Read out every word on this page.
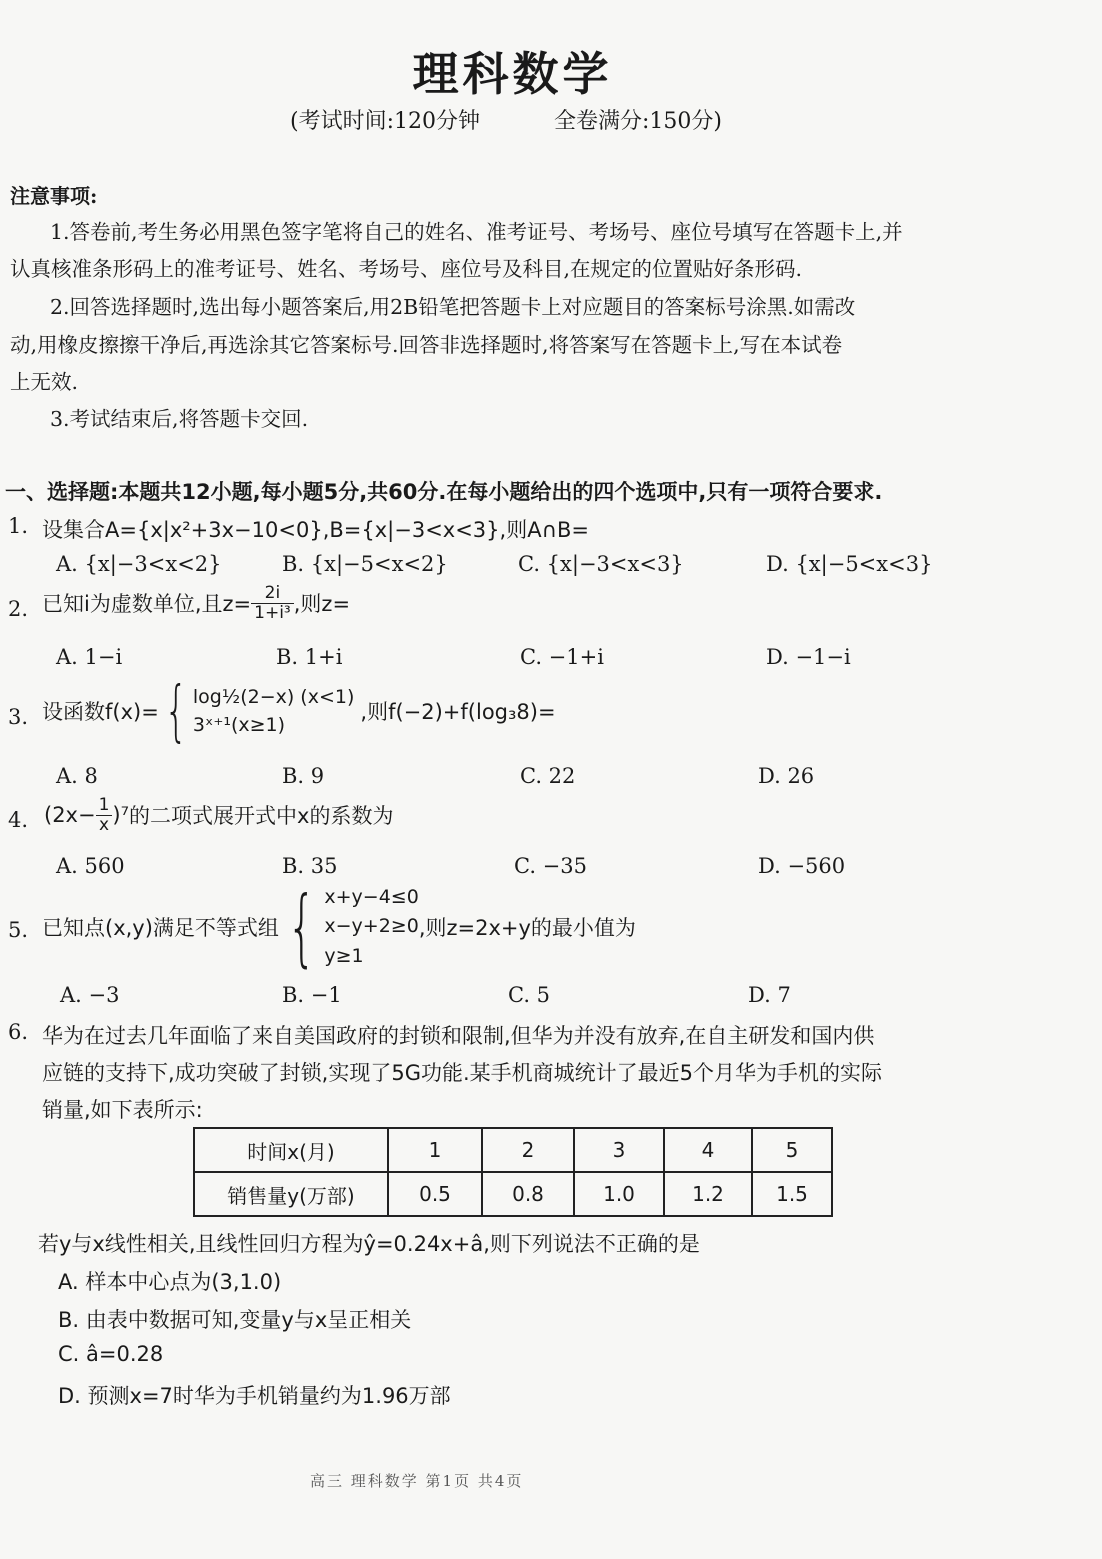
理科数学
(考试时间:120分钟	全卷满分:150分)
注意事项:
1.答卷前,考生务必用黑色签字笔将自己的姓名、准考证号、考场号、座位号填写在答题卡上,并
认真核准条形码上的准考证号、姓名、考场号、座位号及科目,在规定的位置贴好条形码.
2.回答选择题时,选出每小题答案后,用2B铅笔把答题卡上对应题目的答案标号涂黑.如需改
动,用橡皮擦擦干净后,再选涂其它答案标号.回答非选择题时,将答案写在答题卡上,写在本试卷
上无效.
3.考试结束后,将答题卡交回.
一、选择题:本题共12小题,每小题5分,共60分.在每小题给出的四个选项中,只有一项符合要求.
1. 设集合A={x|x²+3x−10<0},B={x|−3<x<3},则A∩B=
A. {x|−3<x<2}	B. {x|−5<x<2}	C. {x|−3<x<3}	D. {x|−5<x<3}
2. 已知i为虚数单位,且$z= \frac{2i}{\text{1+i³}}$ ,则z=
A. 1−i	B. 1+i	C. −1+i	D. −1−i
3. 设函数f(x)= { log½(2−x) (x<1)
3ˣ⁺¹(x≥1)
,则f(−2)+f(log₃8)=
A. 8	B. 9	C. 22	D. 26
4. $(2x- \frac{1}{x} )^7$ 的二项式展开式中x的系数为
A. 560	B. 35	C. −35	D. −560
5. 已知点(x,y)满足不等式组 { x+y−4≤0
x−y+2≥0
y≥1
,则z=2x+y的最小值为
A. −3	B. −1	C. 5	D. 7
6. 华为在过去几年面临了来自美国政府的封锁和限制,但华为并没有放弃,在自主研发和国内供
应链的支持下,成功突破了封锁,实现了5G功能.某手机商城统计了最近5个月华为手机的实际
销量,如下表所示:
时间x(月)	1	2	3	4	5
销售量y(万部)	0.5	0.8	1.0	1.2	1.5
若y与x线性相关,且线性回归方程为ŷ=0.24x+â,则下列说法不正确的是
A. 样本中心点为(3,1.0)
B. 由表中数据可知,变量y与x呈正相关
C. â=0.28
D. 预测x=7时华为手机销量约为1.96万部
高三 理科数学 第1页 共4页
